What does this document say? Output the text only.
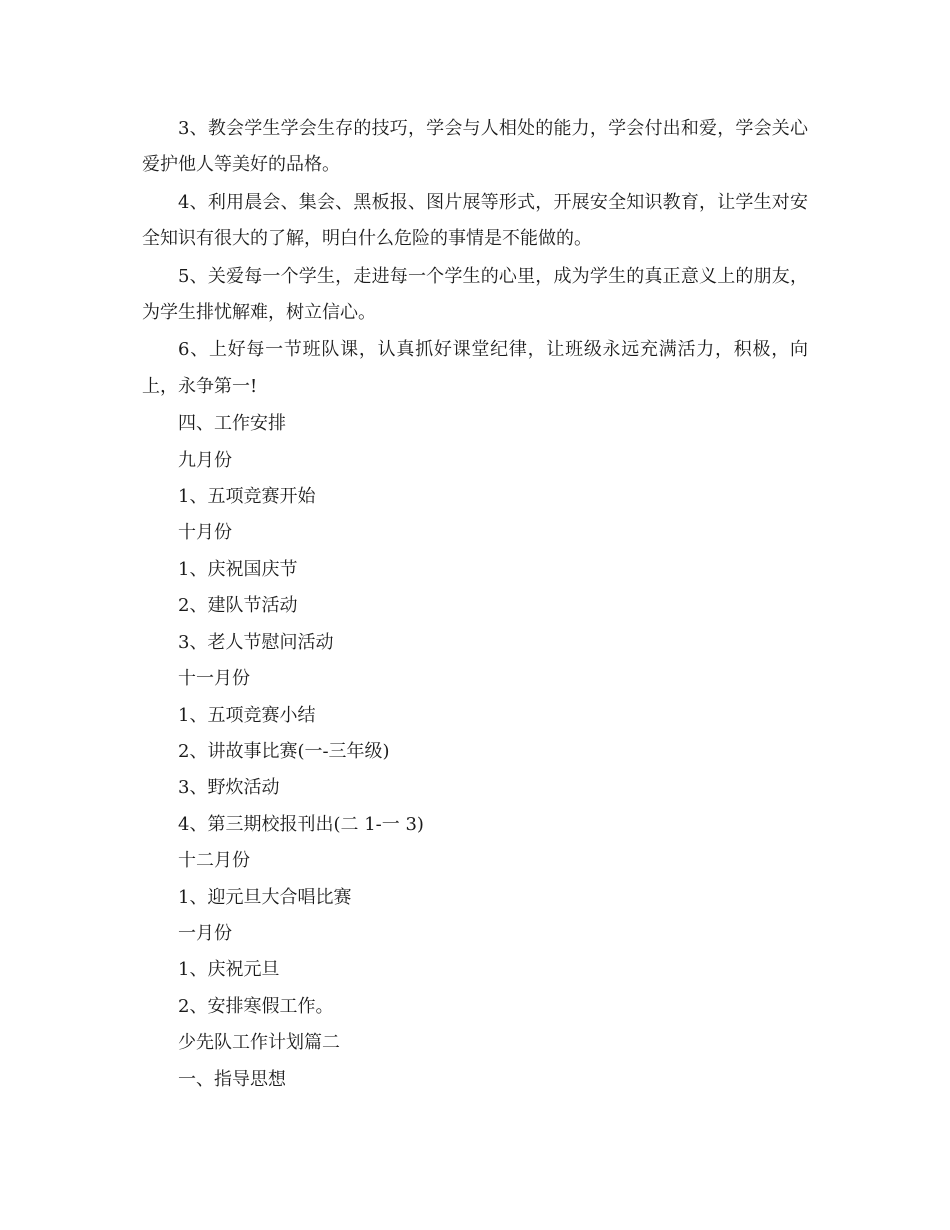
3、教会学生学会生存的技巧，学会与人相处的能力，学会付出和爱，学会关心爱护他人等美好的品格。

4、利用晨会、集会、黑板报、图片展等形式，开展安全知识教育，让学生对安全知识有很大的了解，明白什么危险的事情是不能做的。

5、关爱每一个学生，走进每一个学生的心里，成为学生的真正意义上的朋友，为学生排忧解难，树立信心。

6、上好每一节班队课，认真抓好课堂纪律，让班级永远充满活力，积极，向上，永争第一!

四、工作安排

九月份

1、五项竞赛开始

十月份

1、庆祝国庆节

2、建队节活动

3、老人节慰问活动

十一月份

1、五项竞赛小结

2、讲故事比赛(一-三年级)

3、野炊活动

4、第三期校报刊出(二 1-一 3)

十二月份

1、迎元旦大合唱比赛

一月份

1、庆祝元旦

2、安排寒假工作。

少先队工作计划篇二

一、指导思想
